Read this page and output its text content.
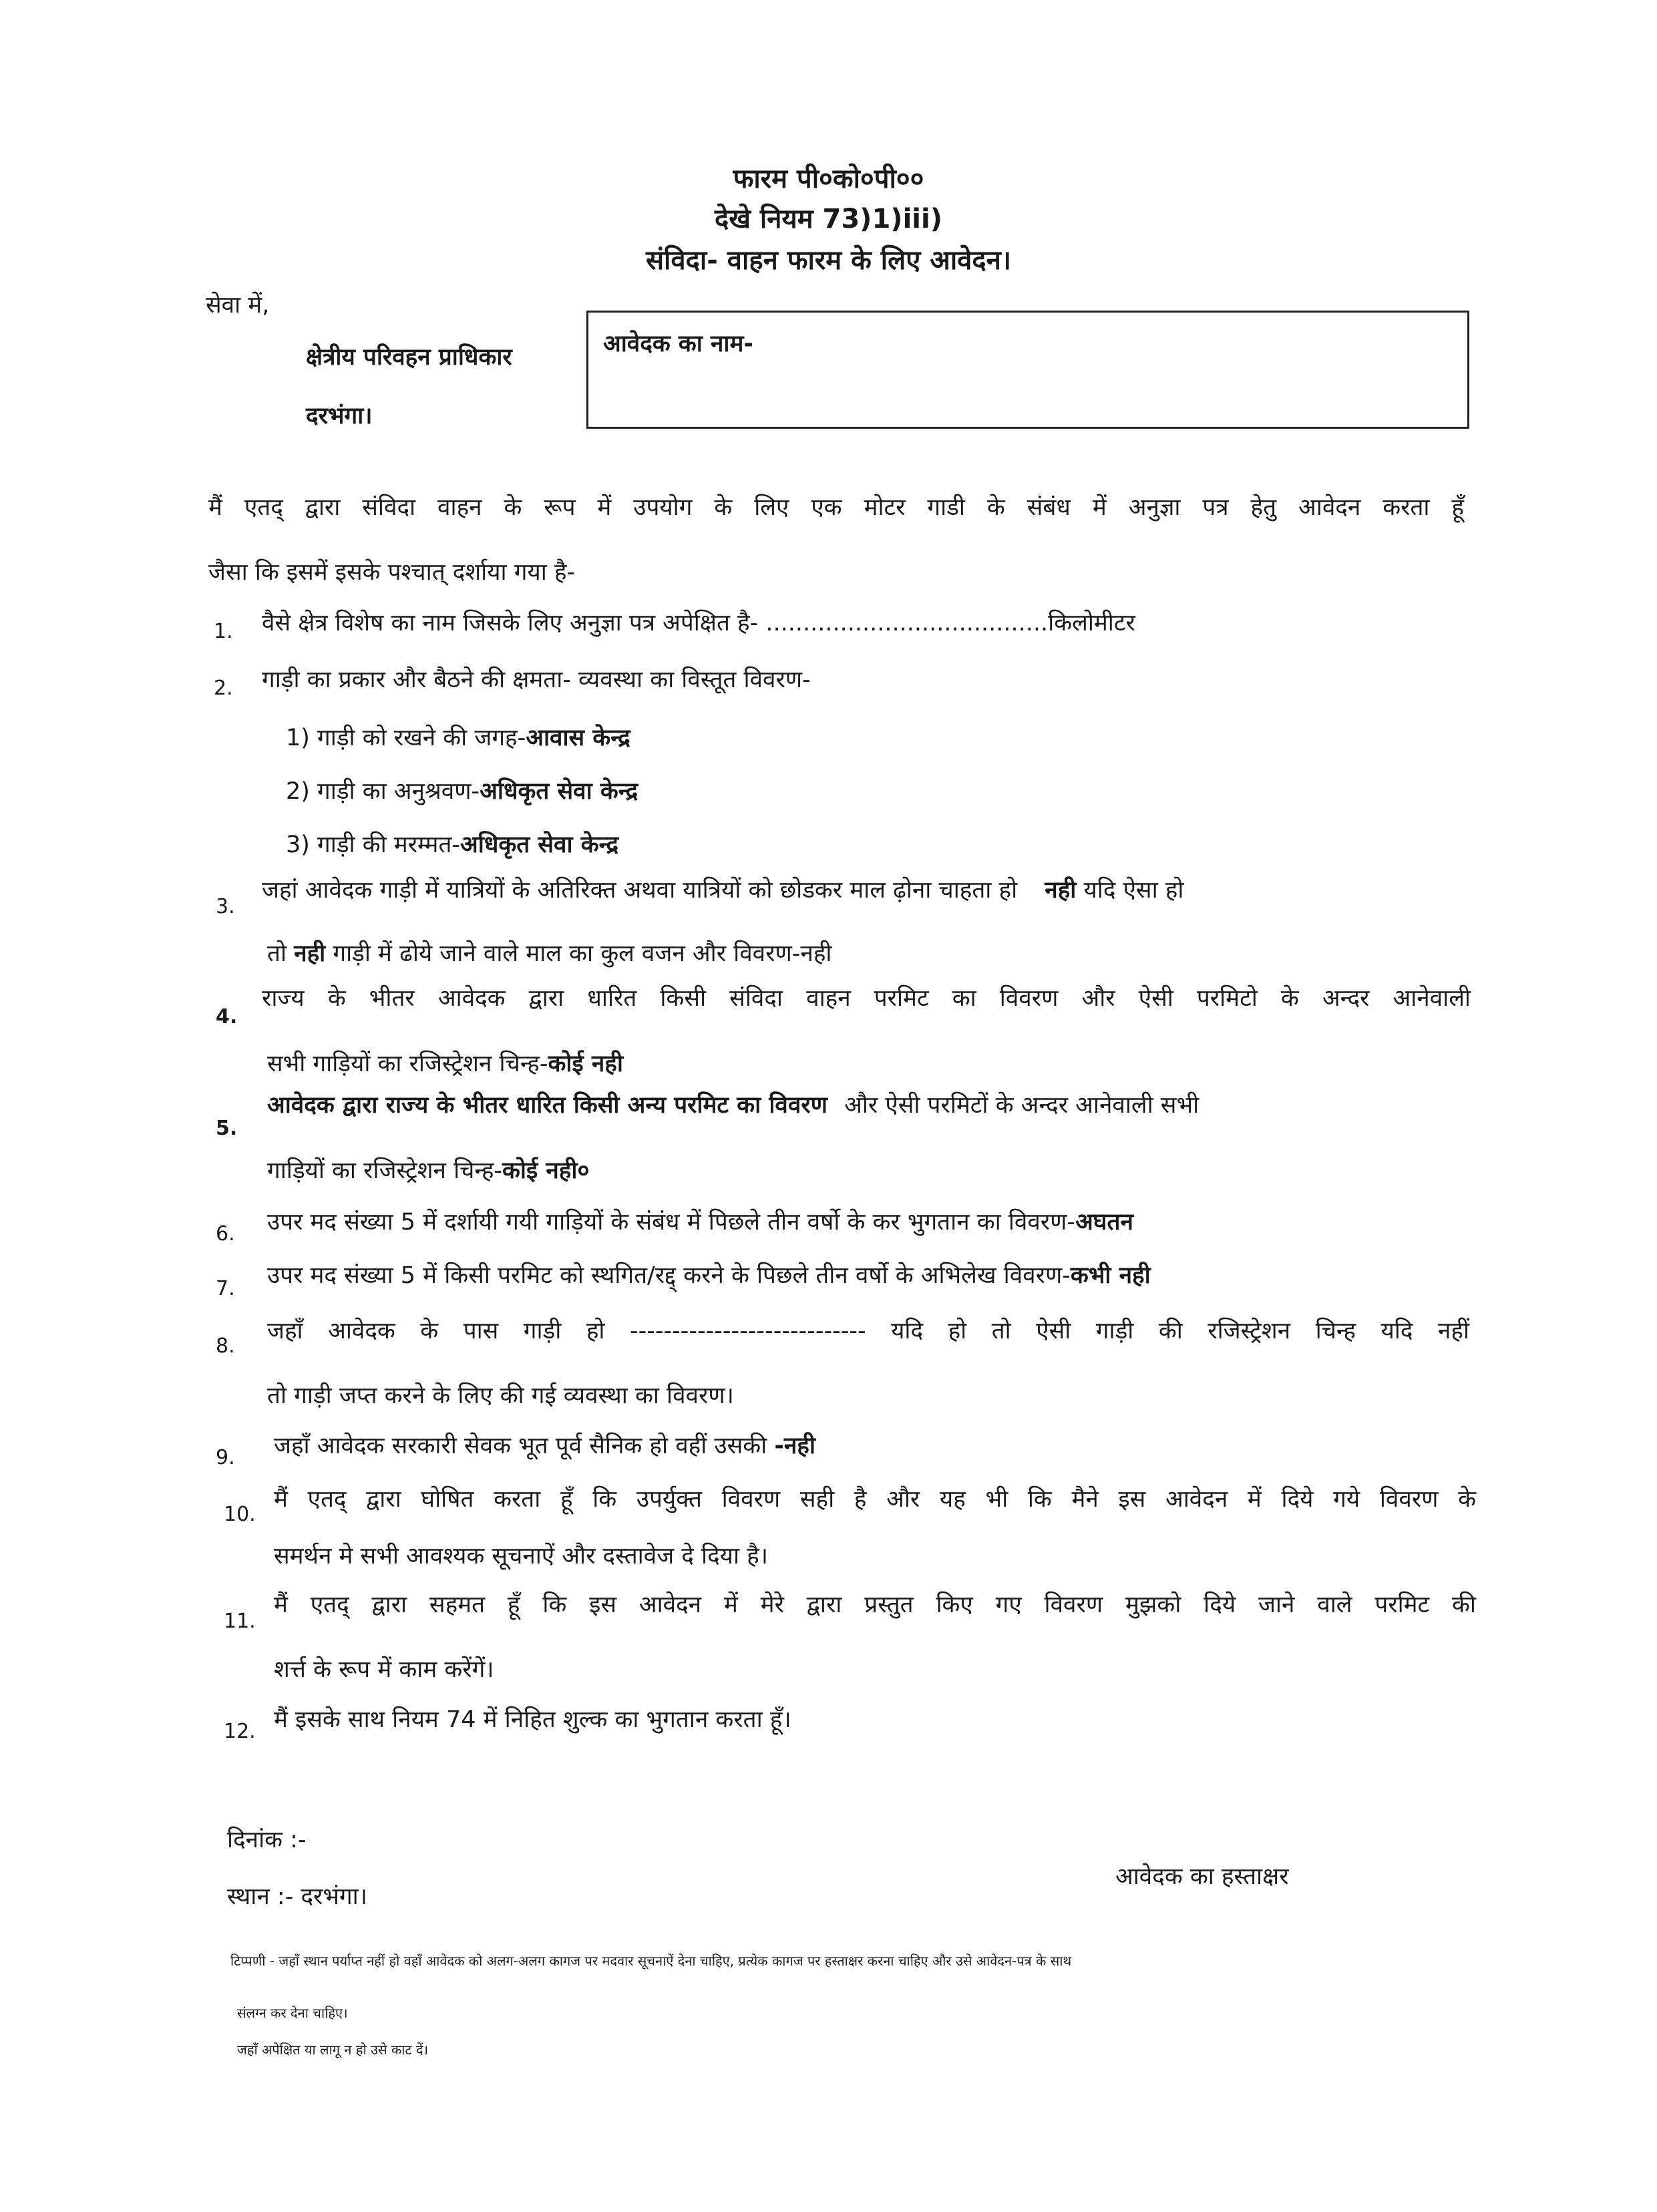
फारम पी०को०पी००
देखे नियम 73)1)iii)
संविदा- वाहन फारम के लिए आवेदन।
सेवा में,
क्षेत्रीय परिवहन प्राधिकार
दरभंगा।
आवेदक का नाम-
मैं एतद् द्वारा संविदा वाहन के रूप में उपयोग के लिए एक मोटर गाडी के संबंध में अनुज्ञा पत्र हेतु आवेदन करता हूँ
जैसा कि इसमें इसके पश्चात् दर्शाया गया है-
1. वैसे क्षेत्र विशेष का नाम जिसके लिए अनुज्ञा पत्र अपेक्षित है- ......................................किलोमीटर
2. गाड़ी का प्रकार और बैठने की क्षमता- व्यवस्था का विस्तूत विवरण-
1) गाड़ी को रखने की जगह-आवास केन्द्र
2) गाड़ी का अनुश्रवण-अधिकृत सेवा केन्द्र
3) गाड़ी की मरम्मत-अधिकृत सेवा केन्द्र
3.
जहां आवेदक गाड़ी में यात्रियों के अतिरिक्त अथवा यात्रियों को छोडकर माल ढ़ोना चाहता हो नही यदि ऐसा हो
तो नही गाड़ी में ढोये जाने वाले माल का कुल वजन और विवरण-नही
4.
राज्य के भीतर आवेदक द्वारा धारित किसी संविदा वाहन परमिट का विवरण और ऐसी परमिटो के अन्दर आनेवाली
सभी गाड़ियों का रजिस्ट्रेशन चिन्ह-कोई नही
5.
आवेदक द्वारा राज्य के भीतर धारित किसी अन्य परमिट का विवरण और ऐसी परमिटों के अन्दर आनेवाली सभी
गाड़ियों का रजिस्ट्रेशन चिन्ह-कोई नही०
6. उपर मद संख्या 5 में दर्शायी गयी गाड़ियों के संबंध में पिछले तीन वर्षो के कर भुगतान का विवरण-अघतन
7. उपर मद संख्या 5 में किसी परमिट को स्थगित/रद्द् करने के पिछले तीन वर्षो के अभिलेख विवरण-कभी नही
8.
जहाँ आवेदक के पास गाड़ी हो ---------------------------- यदि हो तो ऐसी गाड़ी की रजिस्ट्रेशन चिन्ह यदि नहीं
तो गाड़ी जप्त करने के लिए की गई व्यवस्था का विवरण।
9. जहाँ आवेदक सरकारी सेवक भूत पूर्व सैनिक हो वहीं उसकी -नही
10.
मैं एतद् द्वारा घोषित करता हूँ कि उपर्युक्त विवरण सही है और यह भी कि मैने इस आवेदन में दिये गये विवरण के
समर्थन मे सभी आवश्यक सूचनाऐं और दस्तावेज दे दिया है।
11.
मैं एतद् द्वारा सहमत हूँ कि इस आवेदन में मेरे द्वारा प्रस्तुत किए गए विवरण मुझको दिये जाने वाले परमिट की
शर्त्त के रूप में काम करेंगें।
12. मैं इसके साथ नियम 74 में निहित शुल्क का भुगतान करता हूँ।
दिनांक :-
स्थान :- दरभंगा।
आवेदक का हस्ताक्षर
टिप्पणी - जहाँ स्थान पर्याप्त नहीं हो वहाँ आवेदक को अलग-अलग कागज पर मदवार सूचनाऐं देना चाहिए, प्रत्येक कागज पर हस्ताक्षर करना चाहिए और उसे आवेदन-पत्र के साथ
संलग्न कर देना चाहिए।
जहाँ अपेक्षित या लागू न हो उसे काट दें।
